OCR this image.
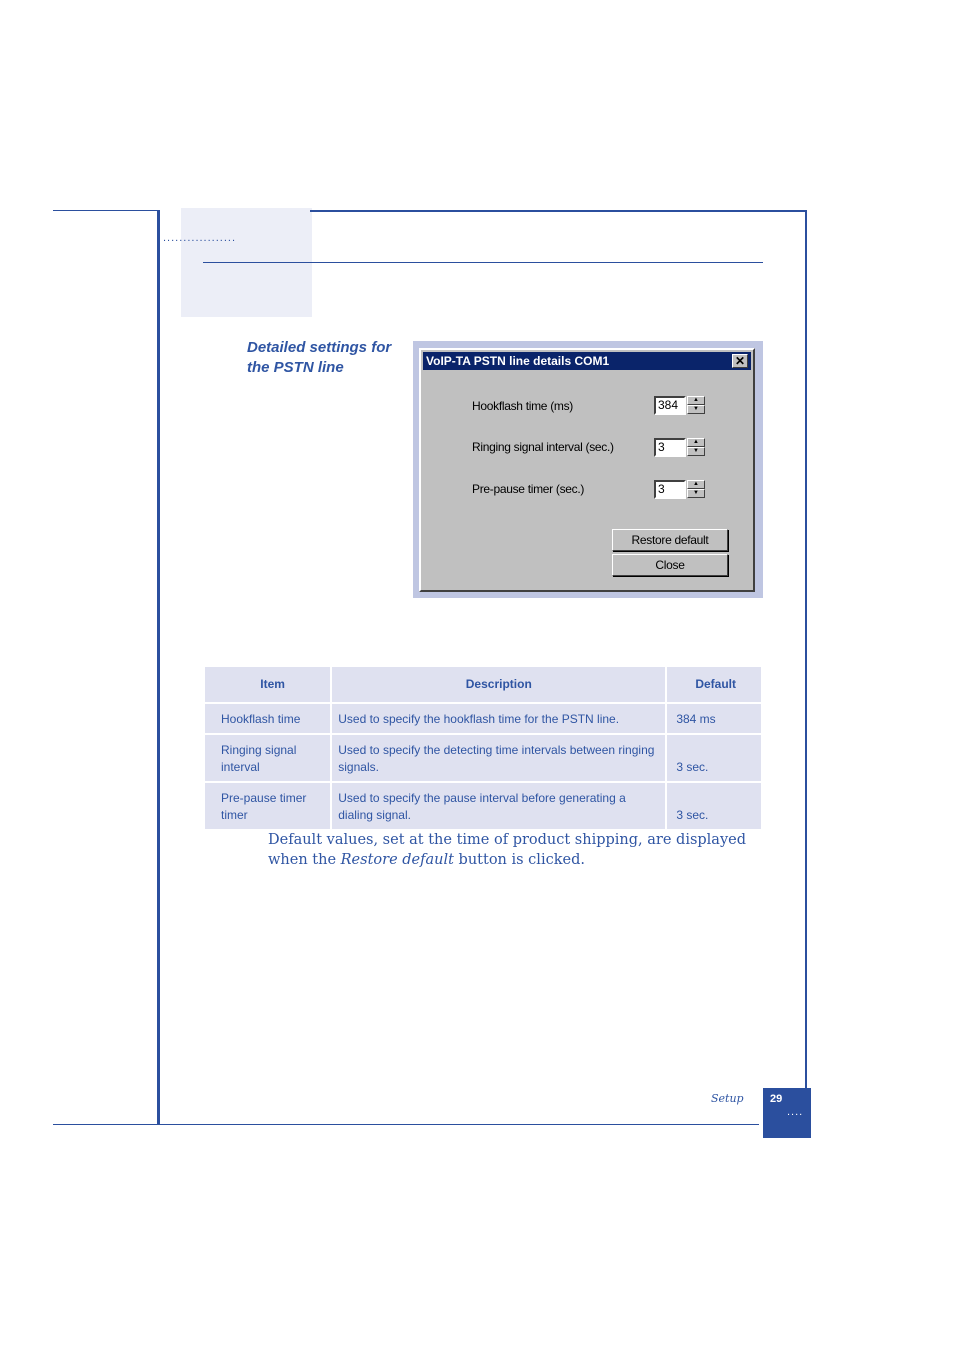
..................
Detailed settings for
the PSTN line	VoIP-TA PSTN line details COM1	✕
Hookflash time (ms)	384	▲
▼
Ringing signal interval (sec.)	3	▲
▼
Pre-pause timer (sec.)	3	▲
▼
Restore default
Close
Item	Description	Default
Hookflash time	Used to specify the hookflash time for the PSTN line.	384 ms
Ringing signal interval	Used to specify the detecting time intervals between ringing signals.	3 sec.
Pre-pause timer timer	Used to specify the pause interval before generating a dialing signal.	3 sec.
Default values, set at the time of product shipping, are displayed when the Restore default button is clicked.
Setup 29
....
